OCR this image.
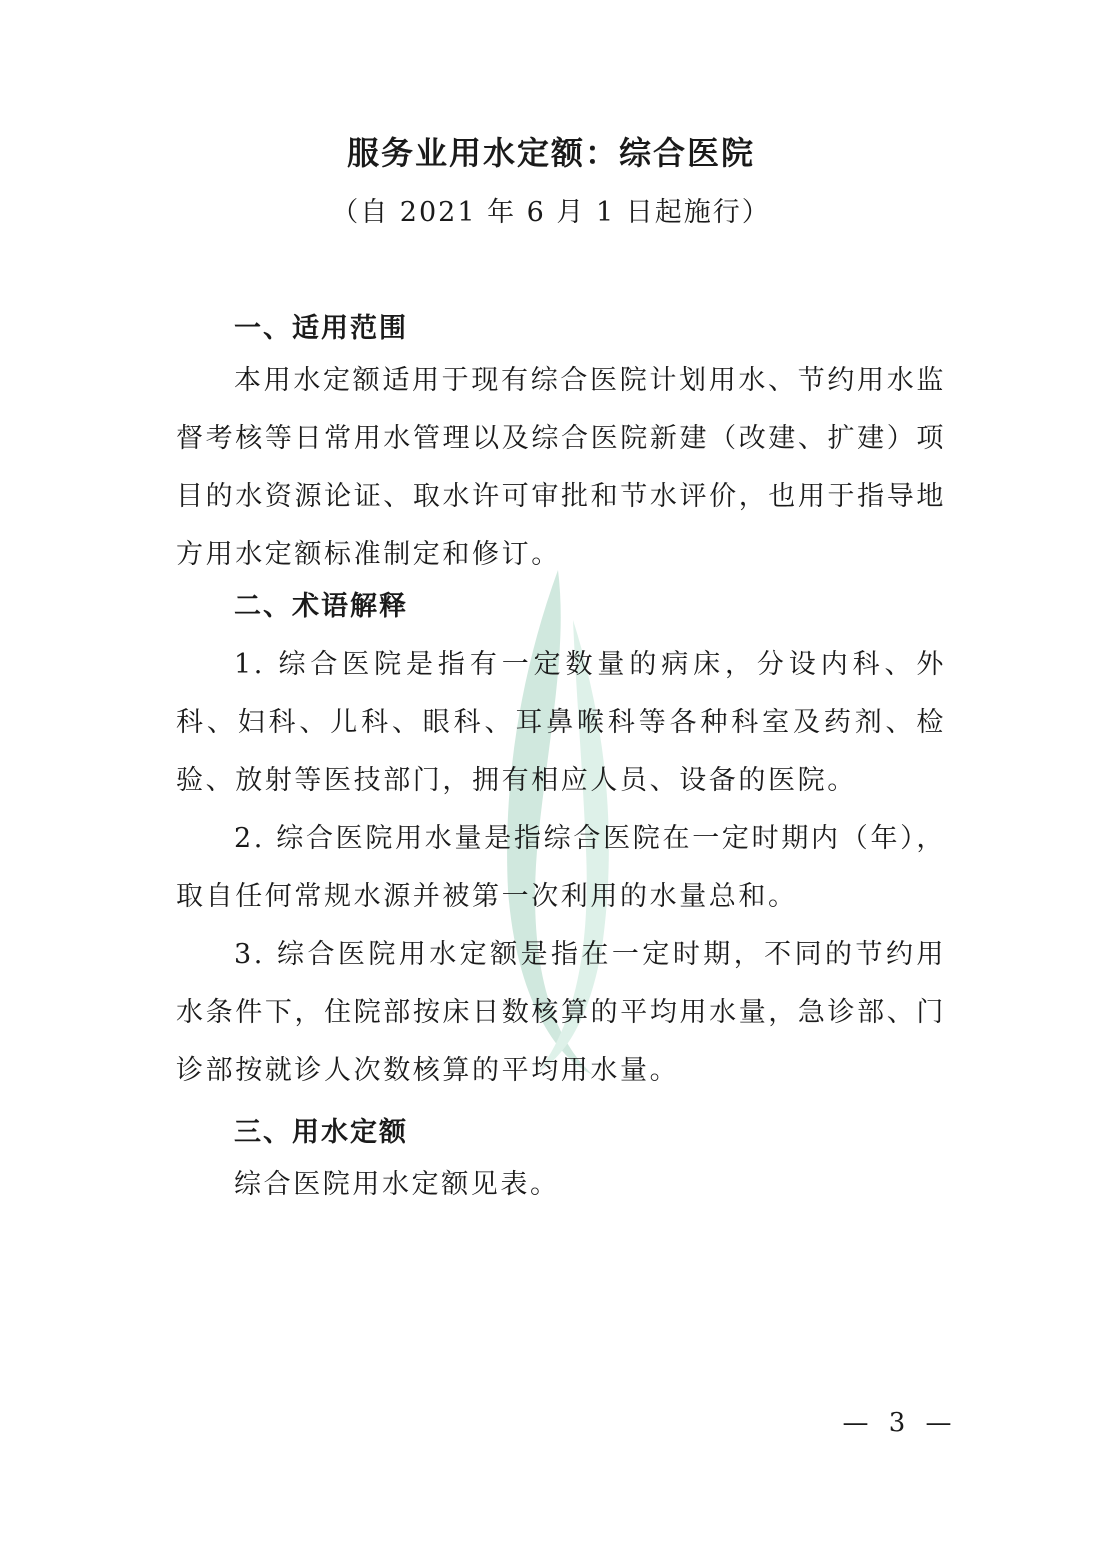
服务业用水定额：综合医院
（自 2021 年 6 月 1 日起施行）
一、适用范围
本用水定额适用于现有综合医院计划用水、节约用水监督考核等日常用水管理以及综合医院新建（改建、扩建）项目的水资源论证、取水许可审批和节水评价，也用于指导地方用水定额标准制定和修订。
二、术语解释
1. 综合医院是指有一定数量的病床，分设内科、外科、妇科、儿科、眼科、耳鼻喉科等各种科室及药剂、检验、放射等医技部门，拥有相应人员、设备的医院。
2. 综合医院用水量是指综合医院在一定时期内（年），取自任何常规水源并被第一次利用的水量总和。
3. 综合医院用水定额是指在一定时期，不同的节约用水条件下，住院部按床日数核算的平均用水量，急诊部、门诊部按就诊人次数核算的平均用水量。
三、用水定额
综合医院用水定额见表。
— 3 —
